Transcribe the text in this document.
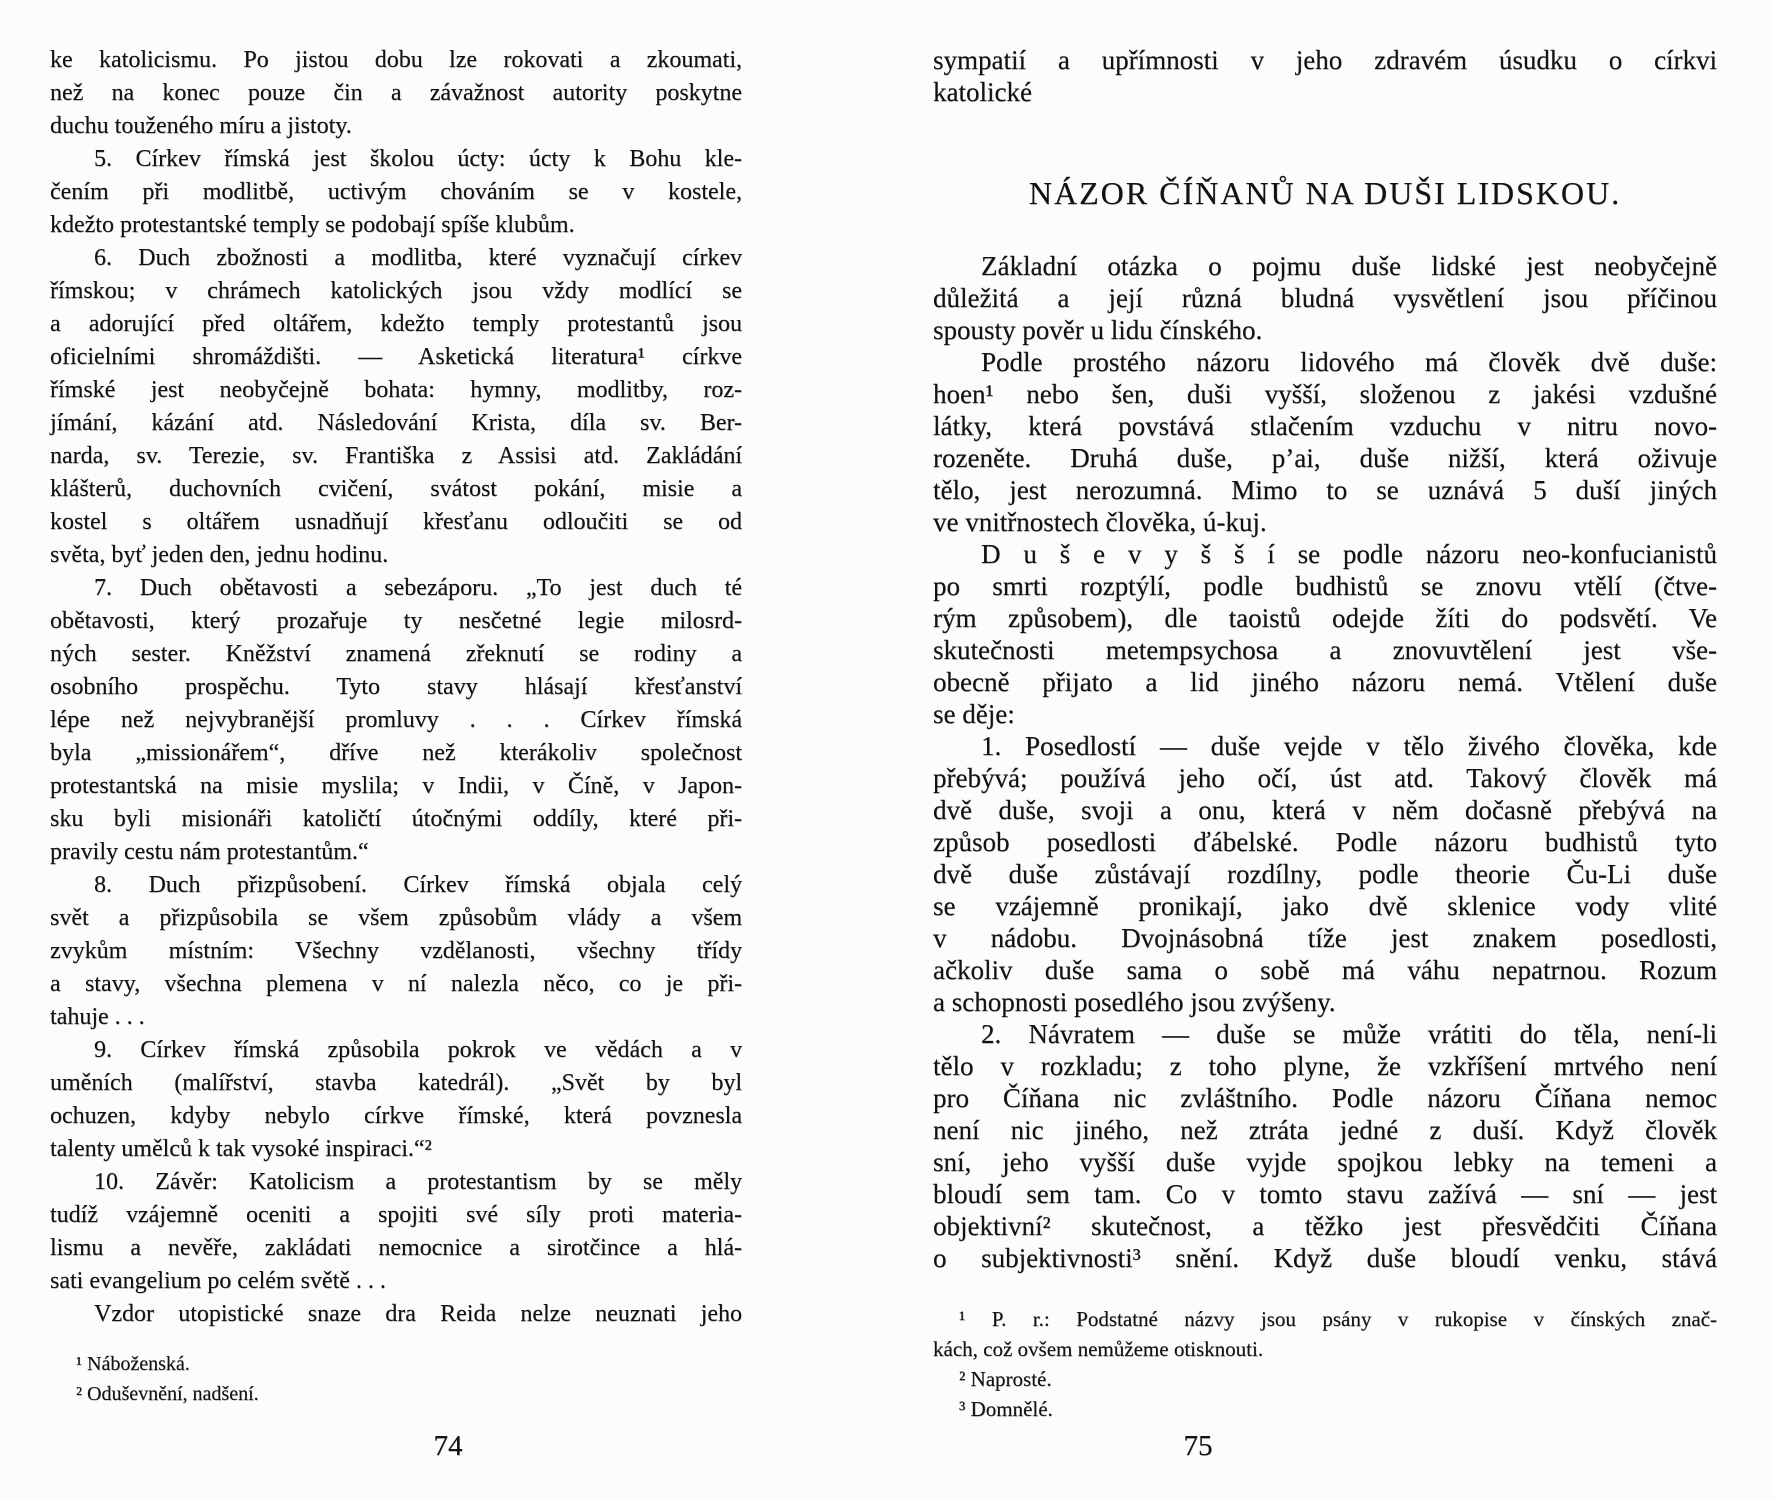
ke katolicismu. Po jistou dobu lze rokovati a zkoumati,
než na konec pouze čin a závažnost autority poskytne
duchu touženého míru a jistoty.

5. Církev římská jest školou úcty: úcty k Bohu kle-
čením při modlitbě, uctivým chováním se v kostele,
kdežto protestantské temply se podobají spíše klubům.

6. Duch zbožnosti a modlitba, které vyznačují církev
římskou; v chrámech katolických jsou vždy modlící se
a adorující před oltářem, kdežto temply protestantů jsou
oficielními shromáždišti. — Asketická literatura¹ církve
římské jest neobyčejně bohata: hymny, modlitby, roz-
jímání, kázání atd. Následování Krista, díla sv. Ber-
narda, sv. Terezie, sv. Františka z Assisi atd. Zakládání
klášterů, duchovních cvičení, svátost pokání, misie a
kostel s oltářem usnadňují křesťanu odloučiti se od
světa, byť jeden den, jednu hodinu.

7. Duch obětavosti a sebezáporu. „To jest duch té
obětavosti, který prozařuje ty nesčetné legie milosrd-
ných sester. Kněžství znamená zřeknutí se rodiny a
osobního prospěchu. Tyto stavy hlásají křesťanství
lépe než nejvybranější promluvy . . . Církev římská
byla „missionářem“, dříve než kterákoliv společnost
protestantská na misie myslila; v Indii, v Číně, v Japon-
sku byli misionáři katoličtí útočnými oddíly, které při-
pravily cestu nám protestantům.“

8. Duch přizpůsobení. Církev římská objala celý
svět a přizpůsobila se všem způsobům vlády a všem
zvykům místním: Všechny vzdělanosti, všechny třídy
a stavy, všechna plemena v ní nalezla něco, co je při-
tahuje . . .

9. Církev římská způsobila pokrok ve vědách a v
uměních (malířství, stavba katedrál). „Svět by byl
ochuzen, kdyby nebylo církve římské, která povznesla
talenty umělců k tak vysoké inspiraci.“²

10. Závěr: Katolicism a protestantism by se měly
tudíž vzájemně oceniti a spojiti své síly proti materia-
lismu a nevěře, zakládati nemocnice a sirotčince a hlá-
sati evangelium po celém světě . . .

Vzdor utopistické snaze dra Reida nelze neuznati jeho

¹ Náboženská.

² Oduševnění, nadšení.

sympatií a upřímnosti v jeho zdravém úsudku o církvi
katolické

NÁZOR ČÍŇANŮ NA DUŠI LIDSKOU.

Základní otázka o pojmu duše lidské jest neobyčejně
důležitá a její různá bludná vysvětlení jsou příčinou
spousty pověr u lidu čínského.

Podle prostého názoru lidového má člověk dvě duše:
hoen¹ nebo šen, duši vyšší, složenou z jakési vzdušné
látky, která povstává stlačením vzduchu v nitru novo-
rozeněte. Druhá duše, p’ai, duše nižší, která oživuje
tělo, jest nerozumná. Mimo to se uznává 5 duší jiných
ve vnitřnostech člověka, ú-kuj.

D u š e v y š š í se podle názoru neo-konfucianistů
po smrti rozptýlí, podle budhistů se znovu vtělí (čtve-
rým způsobem), dle taoistů odejde žíti do podsvětí. Ve
skutečnosti metempsychosa a znovuvtělení jest vše-
obecně přijato a lid jiného názoru nemá. Vtělení duše
se děje:

1. Posedlostí — duše vejde v tělo živého člověka, kde
přebývá; používá jeho očí, úst atd. Takový člověk má
dvě duše, svoji a onu, která v něm dočasně přebývá na
způsob posedlosti ďábelské. Podle názoru budhistů tyto
dvě duše zůstávají rozdílny, podle theorie Ču-Li duše
se vzájemně pronikají, jako dvě sklenice vody vlité
v nádobu. Dvojnásobná tíže jest znakem posedlosti,
ačkoliv duše sama o sobě má váhu nepatrnou. Rozum
a schopnosti posedlého jsou zvýšeny.

2. Návratem — duše se může vrátiti do těla, není-li
tělo v rozkladu; z toho plyne, že vzkříšení mrtvého není
pro Číňana nic zvláštního. Podle názoru Číňana nemoc
není nic jiného, než ztráta jedné z duší. Když člověk
sní, jeho vyšší duše vyjde spojkou lebky na temeni a
bloudí sem tam. Co v tomto stavu zažívá — sní — jest
objektivní² skutečnost, a těžko jest přesvědčiti Číňana
o subjektivnosti³ snění. Když duše bloudí venku, stává

¹ P. r.: Podstatné názvy jsou psány v rukopise v čínských znač-
kách, což ovšem nemůžeme otisknouti.

² Naprosté.

³ Domnělé.

74	75
